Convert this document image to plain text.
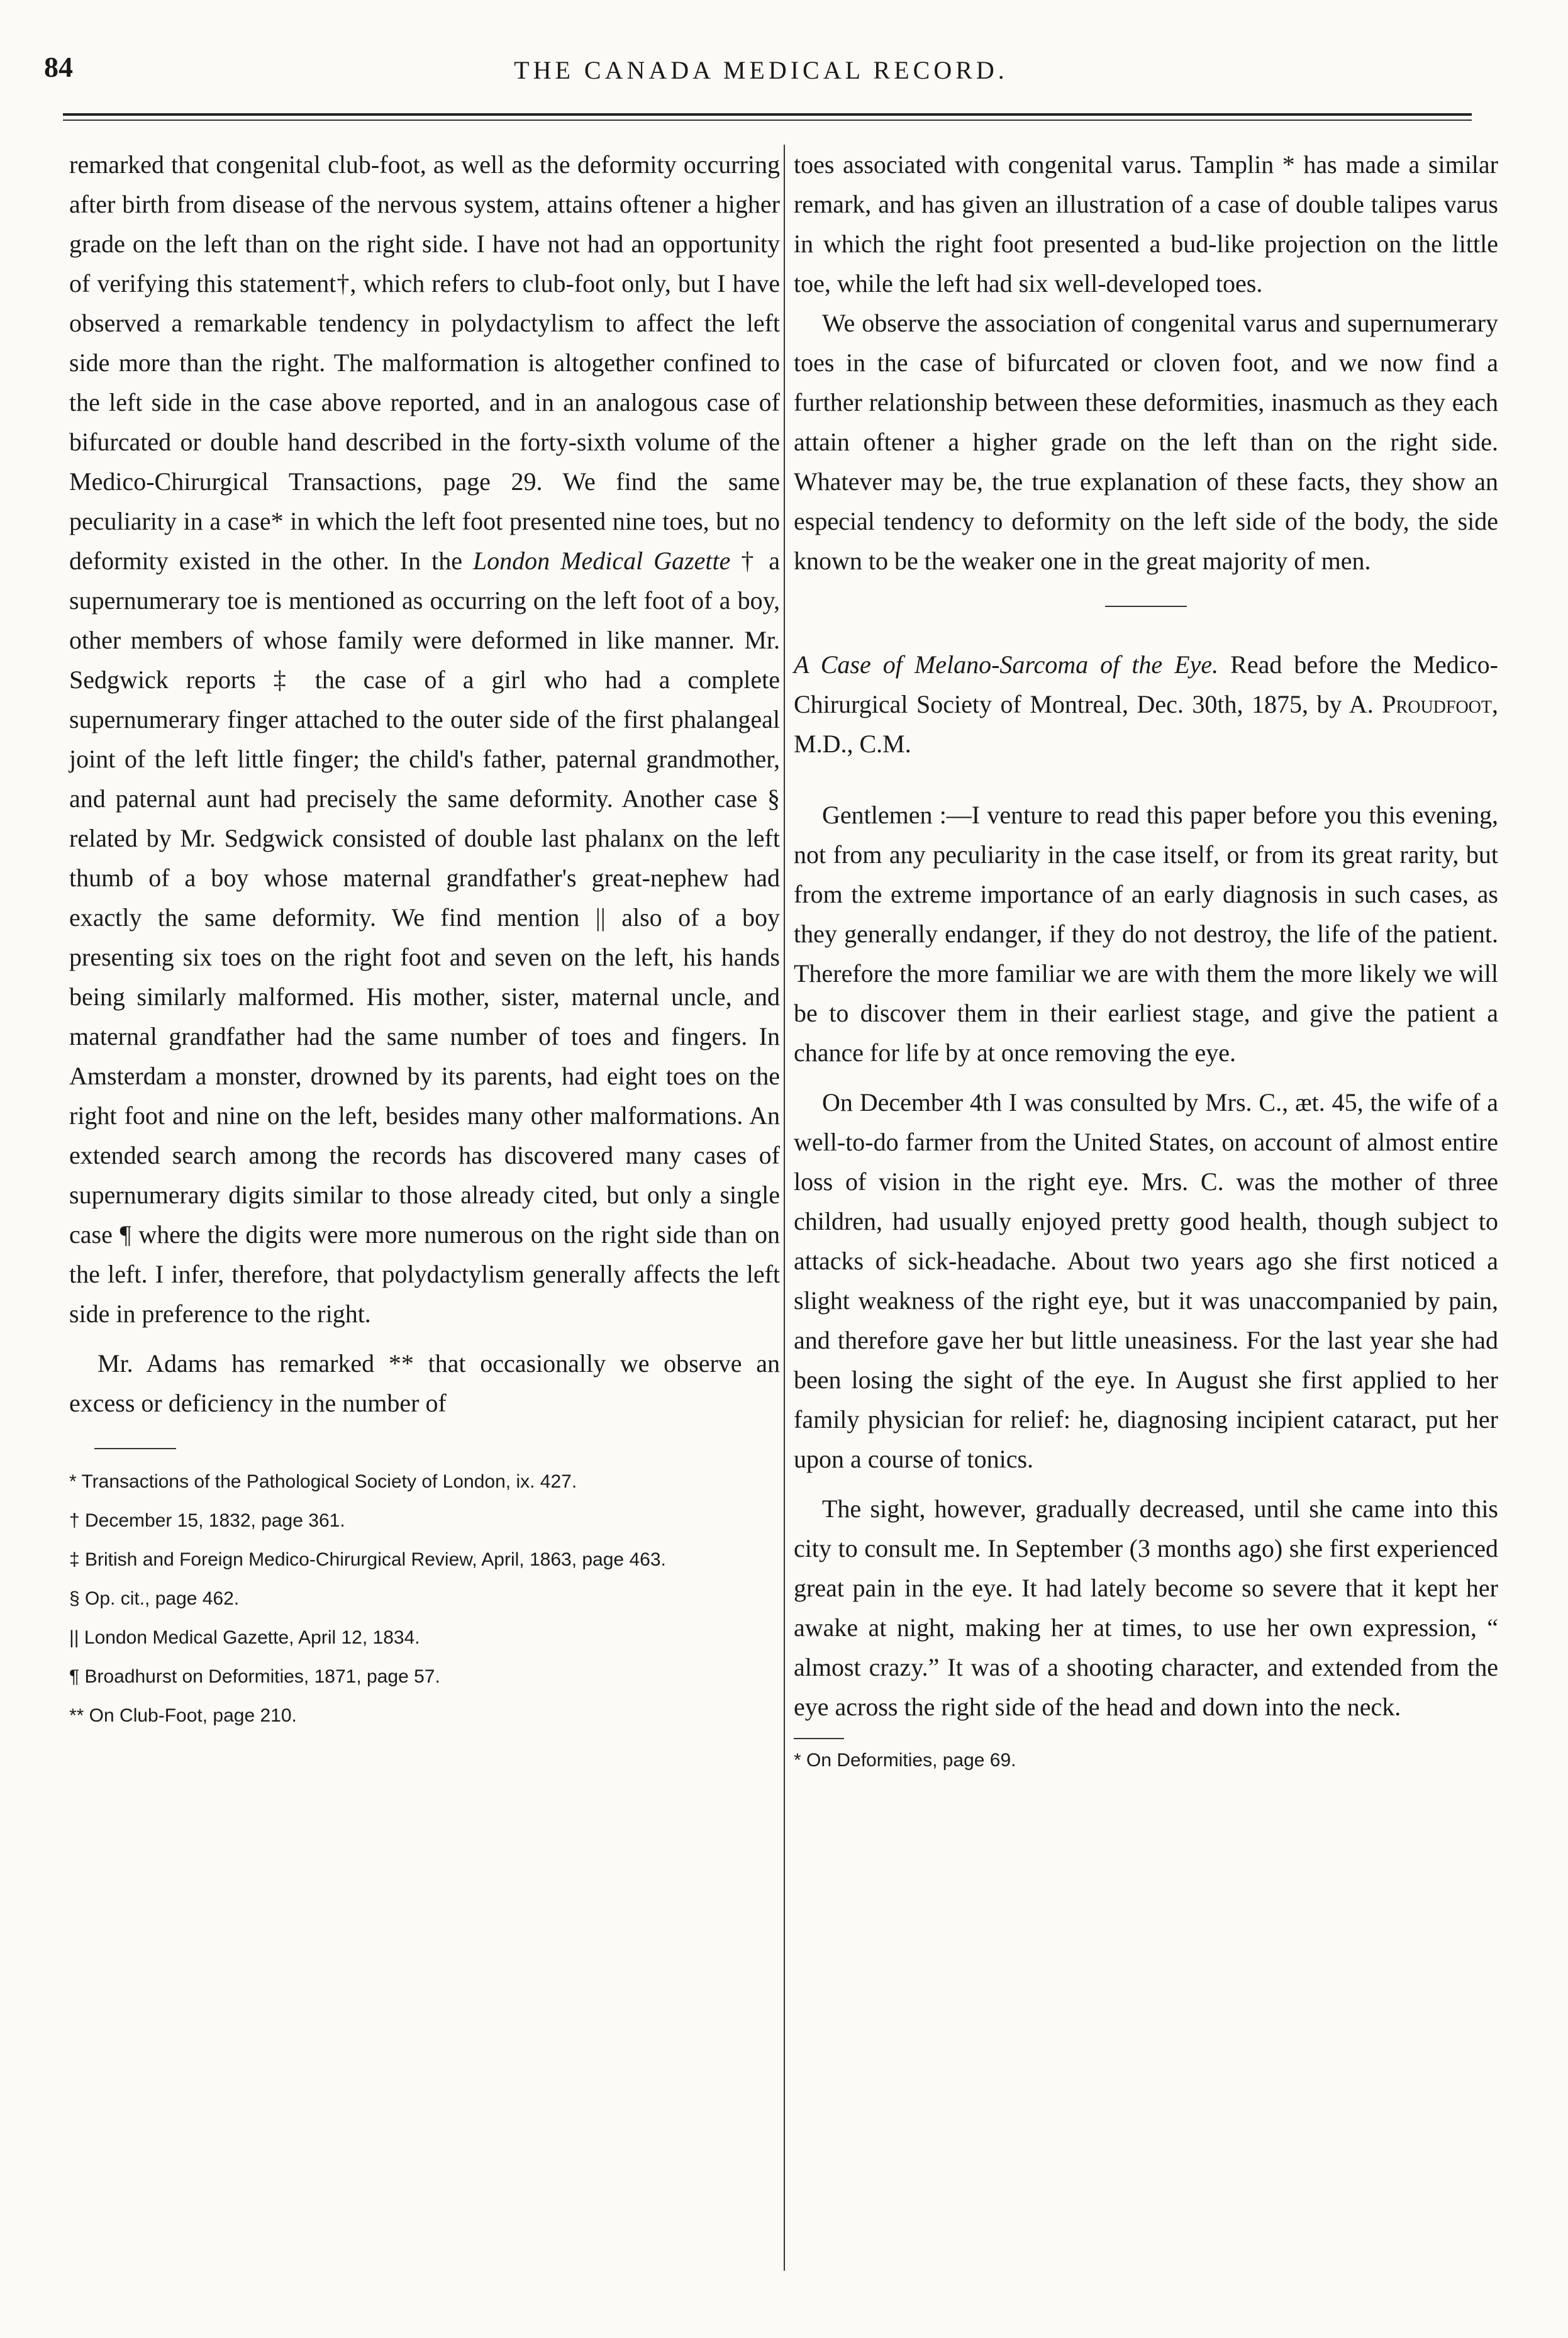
84	THE CANADA MEDICAL RECORD.

remarked that congenital club-foot, as well as the deformity occurring after birth from disease of the nervous system, attains oftener a higher grade on the left than on the right side. I have not had an opportunity of verifying this statement†, which refers to club-foot only, but I have observed a remarkable tendency in polydactylism to affect the left side more than the right. The malformation is altogether confined to the left side in the case above reported, and in an analogous case of bifurcated or double hand described in the forty-sixth volume of the Medico-Chirurgical Transactions, page 29. We find the same peculiarity in a case* in which the left foot presented nine toes, but no deformity existed in the other. In the London Medical Gazette † a supernumerary toe is mentioned as occurring on the left foot of a boy, other members of whose family were deformed in like manner. Mr. Sedgwick reports ‡ the case of a girl who had a complete supernumerary finger attached to the outer side of the first phalangeal joint of the left little finger; the child's father, paternal grandmother, and paternal aunt had precisely the same deformity. Another case § related by Mr. Sedgwick consisted of double last phalanx on the left thumb of a boy whose maternal grandfather's great-nephew had exactly the same deformity. We find mention || also of a boy presenting six toes on the right foot and seven on the left, his hands being similarly malformed. His mother, sister, maternal uncle, and maternal grandfather had the same number of toes and fingers. In Amsterdam a monster, drowned by its parents, had eight toes on the right foot and nine on the left, besides many other malformations. An extended search among the records has discovered many cases of supernumerary digits similar to those already cited, but only a single case ¶ where the digits were more numerous on the right side than on the left. I infer, therefore, that polydactylism generally affects the left side in preference to the right.

Mr. Adams has remarked ** that occasionally we observe an excess or deficiency in the number of

* Transactions of the Pathological Society of London, ix. 427.

† December 15, 1832, page 361.

‡ British and Foreign Medico-Chirurgical Review, April, 1863, page 463.

§ Op. cit., page 462.

|| London Medical Gazette, April 12, 1834.

¶ Broadhurst on Deformities, 1871, page 57.

** On Club-Foot, page 210.

toes associated with congenital varus. Tamplin * has made a similar remark, and has given an illustration of a case of double talipes varus in which the right foot presented a bud-like projection on the little toe, while the left had six well-developed toes.

We observe the association of congenital varus and supernumerary toes in the case of bifurcated or cloven foot, and we now find a further relationship between these deformities, inasmuch as they each attain oftener a higher grade on the left than on the right side. Whatever may be, the true explanation of these facts, they show an especial tendency to deformity on the left side of the body, the side known to be the weaker one in the great majority of men.

A Case of Melano-Sarcoma of the Eye. Read before the Medico-Chirurgical Society of Montreal, Dec. 30th, 1875, by A. Proudfoot, M.D., C.M.

Gentlemen :—I venture to read this paper before you this evening, not from any peculiarity in the case itself, or from its great rarity, but from the extreme importance of an early diagnosis in such cases, as they generally endanger, if they do not destroy, the life of the patient. Therefore the more familiar we are with them the more likely we will be to discover them in their earliest stage, and give the patient a chance for life by at once removing the eye.

On December 4th I was consulted by Mrs. C., æt. 45, the wife of a well-to-do farmer from the United States, on account of almost entire loss of vision in the right eye. Mrs. C. was the mother of three children, had usually enjoyed pretty good health, though subject to attacks of sick-headache. About two years ago she first noticed a slight weakness of the right eye, but it was unaccompanied by pain, and therefore gave her but little uneasiness. For the last year she had been losing the sight of the eye. In August she first applied to her family physician for relief: he, diagnosing incipient cataract, put her upon a course of tonics.

The sight, however, gradually decreased, until she came into this city to consult me. In September (3 months ago) she first experienced great pain in the eye. It had lately become so severe that it kept her awake at night, making her at times, to use her own expression, “ almost crazy.” It was of a shooting character, and extended from the eye across the right side of the head and down into the neck.

* On Deformities, page 69.
